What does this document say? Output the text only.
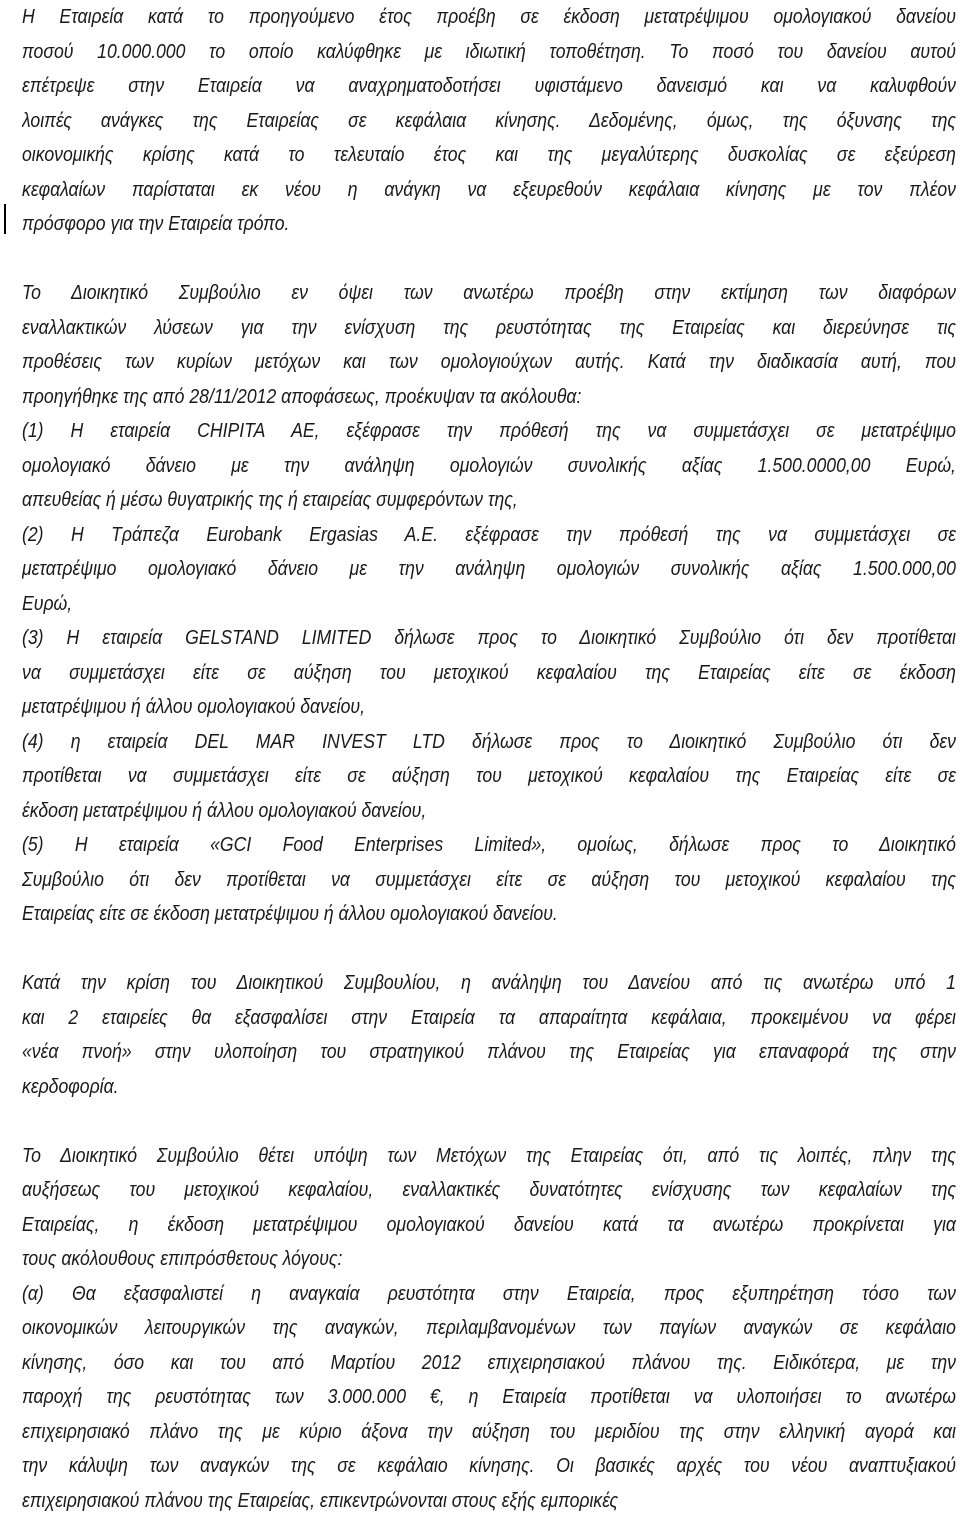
Η Εταιρεία κατά το προηγούμενο έτος προέβη σε έκδοση μετατρέψιμου ομολογιακού δανείου
ποσού 10.000.000 το οποίο καλύφθηκε με ιδιωτική τοποθέτηση. Το ποσό του δανείου αυτού
επέτρεψε στην Εταιρεία να αναχρηματοδοτήσει υφιστάμενο δανεισμό και να καλυφθούν
λοιπές ανάγκες της Εταιρείας σε κεφάλαια κίνησης. Δεδομένης, όμως, της όξυνσης της
οικονομικής κρίσης κατά το τελευταίο έτος και της μεγαλύτερης δυσκολίας σε εξεύρεση
κεφαλαίων παρίσταται εκ νέου η ανάγκη να εξευρεθούν κεφάλαια κίνησης με τον πλέον
πρόσφορο για την Εταιρεία τρόπο.

Το Διοικητικό Συμβούλιο εν όψει των ανωτέρω προέβη στην εκτίμηση των διαφόρων
εναλλακτικών λύσεων για την ενίσχυση της ρευστότητας της Εταιρείας και διερεύνησε τις
προθέσεις των κυρίων μετόχων και των ομολογιούχων αυτής. Κατά την διαδικασία αυτή, που
προηγήθηκε της από 28/11/2012 αποφάσεως, προέκυψαν τα ακόλουθα:
(1) Η εταιρεία CHIPITA AE, εξέφρασε την πρόθεσή της να συμμετάσχει σε μετατρέψιμο
ομολογιακό δάνειο με την ανάληψη ομολογιών συνολικής αξίας 1.500.0000,00 Ευρώ,
απευθείας ή μέσω θυγατρικής της ή εταιρείας συμφερόντων της,
(2) Η Τράπεζα Eurobank Ergasias A.E. εξέφρασε την πρόθεσή της να συμμετάσχει σε
μετατρέψιμο ομολογιακό δάνειο με την ανάληψη ομολογιών συνολικής αξίας 1.500.000,00
Ευρώ,
(3) Η εταιρεία GELSTAND LIMITED δήλωσε προς το Διοικητικό Συμβούλιο ότι δεν προτίθεται
να συμμετάσχει είτε σε αύξηση του μετοχικού κεφαλαίου της Εταιρείας είτε σε έκδοση
μετατρέψιμου ή άλλου ομολογιακού δανείου,
(4) η εταιρεία DEL MAR INVEST LTD δήλωσε προς το Διοικητικό Συμβούλιο ότι δεν
προτίθεται να συμμετάσχει είτε σε αύξηση του μετοχικού κεφαλαίου της Εταιρείας είτε σε
έκδοση μετατρέψιμου ή άλλου ομολογιακού δανείου,
(5) Η εταιρεία «GCI Food Enterprises Limited», ομοίως, δήλωσε προς το Διοικητικό
Συμβούλιο ότι δεν προτίθεται να συμμετάσχει είτε σε αύξηση του μετοχικού κεφαλαίου της
Εταιρείας είτε σε έκδοση μετατρέψιμου ή άλλου ομολογιακού δανείου.

Κατά την κρίση του Διοικητικού Συμβουλίου, η ανάληψη του Δανείου από τις ανωτέρω υπό 1
και 2 εταιρείες θα εξασφαλίσει στην Εταιρεία τα απαραίτητα κεφάλαια, προκειμένου να φέρει
«νέα πνοή» στην υλοποίηση του στρατηγικού πλάνου της Εταιρείας για επαναφορά της στην
κερδοφορία.

Το Διοικητικό Συμβούλιο θέτει υπόψη των Μετόχων της Εταιρείας ότι, από τις λοιπές, πλην της
αυξήσεως του μετοχικού κεφαλαίου, εναλλακτικές δυνατότητες ενίσχυσης των κεφαλαίων της
Εταιρείας, η έκδοση μετατρέψιμου ομολογιακού δανείου κατά τα ανωτέρω προκρίνεται για
τους ακόλουθους επιπρόσθετους λόγους:
(α) Θα εξασφαλιστεί η αναγκαία ρευστότητα στην Εταιρεία, προς εξυπηρέτηση τόσο των
οικονομικών λειτουργικών της αναγκών, περιλαμβανομένων των παγίων αναγκών σε κεφάλαιο
κίνησης, όσο και του από Μαρτίου 2012 επιχειρησιακού πλάνου της. Ειδικότερα, με την
παροχή της ρευστότητας των 3.000.000 €, η Εταιρεία προτίθεται να υλοποιήσει το ανωτέρω
επιχειρησιακό πλάνο της με κύριο άξονα την αύξηση του μεριδίου της στην ελληνική αγορά και
την κάλυψη των αναγκών της σε κεφάλαιο κίνησης. Οι βασικές αρχές του νέου αναπτυξιακού
επιχειρησιακού πλάνου της Εταιρείας, επικεντρώνονται στους εξής εμπορικές
